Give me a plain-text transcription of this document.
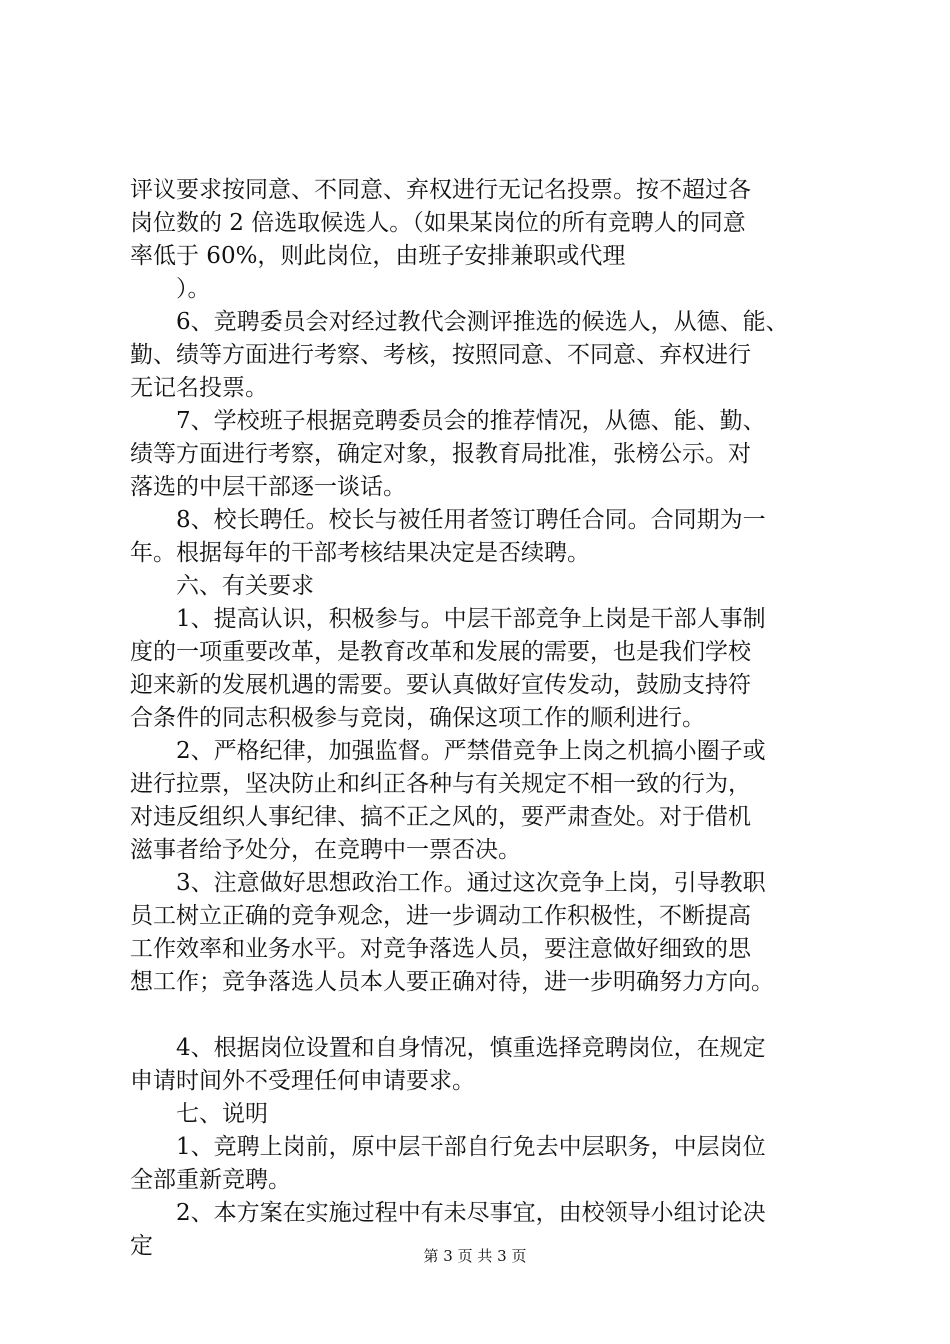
评议要求按同意、不同意、弃权进行无记名投票。按不超过各
岗位数的 2 倍选取候选人。（如果某岗位的所有竞聘人的同意
率低于 60%，则此岗位，由班子安排兼职或代理
　　）。
　　6、竞聘委员会对经过教代会测评推选的候选人，从德、能、
勤、绩等方面进行考察、考核，按照同意、不同意、弃权进行
无记名投票。
　　7、学校班子根据竞聘委员会的推荐情况，从德、能、勤、
绩等方面进行考察，确定对象，报教育局批准，张榜公示。对
落选的中层干部逐一谈话。
　　8、校长聘任。校长与被任用者签订聘任合同。合同期为一
年。根据每年的干部考核结果决定是否续聘。
　　六、有关要求
　　1、提高认识，积极参与。中层干部竞争上岗是干部人事制
度的一项重要改革，是教育改革和发展的需要，也是我们学校
迎来新的发展机遇的需要。要认真做好宣传发动，鼓励支持符
合条件的同志积极参与竞岗，确保这项工作的顺利进行。
　　2、严格纪律，加强监督。严禁借竞争上岗之机搞小圈子或
进行拉票，坚决防止和纠正各种与有关规定不相一致的行为，
对违反组织人事纪律、搞不正之风的，要严肃查处。对于借机
滋事者给予处分，在竞聘中一票否决。
　　3、注意做好思想政治工作。通过这次竞争上岗，引导教职
员工树立正确的竞争观念，进一步调动工作积极性，不断提高
工作效率和业务水平。对竞争落选人员，要注意做好细致的思
想工作；竞争落选人员本人要正确对待，进一步明确努力方向。
　　4、根据岗位设置和自身情况，慎重选择竞聘岗位，在规定
申请时间外不受理任何申请要求。
　　七、说明
　　1、竞聘上岗前，原中层干部自行免去中层职务，中层岗位
全部重新竞聘。
　　2、本方案在实施过程中有未尽事宜，由校领导小组讨论决
定	第 3 页 共 3 页
